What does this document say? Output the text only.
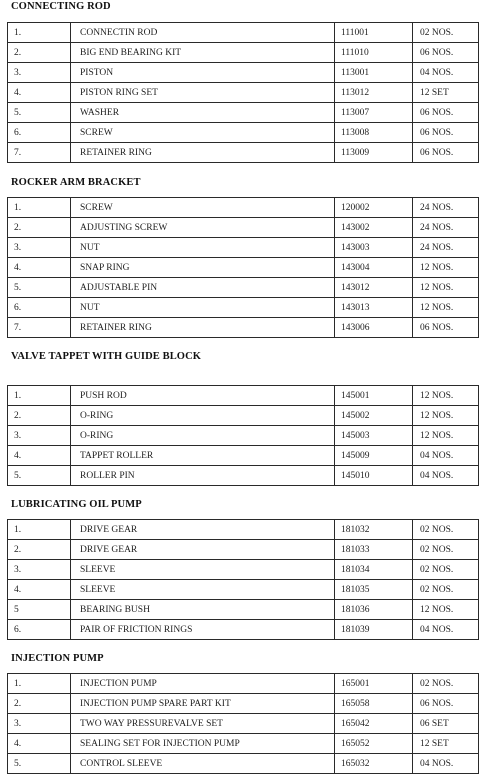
CONNECTING ROD
1.	CONNECTIN ROD	111001	02 NOS.
2.	BIG END BEARING KIT	111010	06 NOS.
3.	PISTON	113001	04 NOS.
4.	PISTON RING SET	113012	12 SET
5.	WASHER	113007	06 NOS.
6.	SCREW	113008	06 NOS.
7.	RETAINER RING	113009	06 NOS.
ROCKER ARM BRACKET
1.	SCREW	120002	24 NOS.
2.	ADJUSTING SCREW	143002	24 NOS.
3.	NUT	143003	24 NOS.
4.	SNAP RING	143004	12 NOS.
5.	ADJUSTABLE PIN	143012	12 NOS.
6.	NUT	143013	12 NOS.
7.	RETAINER RING	143006	06 NOS.
VALVE TAPPET WITH GUIDE BLOCK
1.	PUSH ROD	145001	12 NOS.
2.	O-RING	145002	12 NOS.
3.	O-RING	145003	12 NOS.
4.	TAPPET ROLLER	145009	04 NOS.
5.	ROLLER PIN	145010	04 NOS.
LUBRICATING OIL PUMP
1.	DRIVE GEAR	181032	02 NOS.
2.	DRIVE GEAR	181033	02 NOS.
3.	SLEEVE	181034	02 NOS.
4.	SLEEVE	181035	02 NOS.
5	BEARING BUSH	181036	12 NOS.
6.	PAIR OF FRICTION RINGS	181039	04 NOS.
INJECTION PUMP
1.	INJECTION PUMP	165001	02 NOS.
2.	INJECTION PUMP SPARE PART KIT	165058	06 NOS.
3.	TWO WAY PRESSUREVALVE SET	165042	06 SET
4.	SEALING SET FOR INJECTION PUMP	165052	12 SET
5.	CONTROL SLEEVE	165032	04 NOS.
